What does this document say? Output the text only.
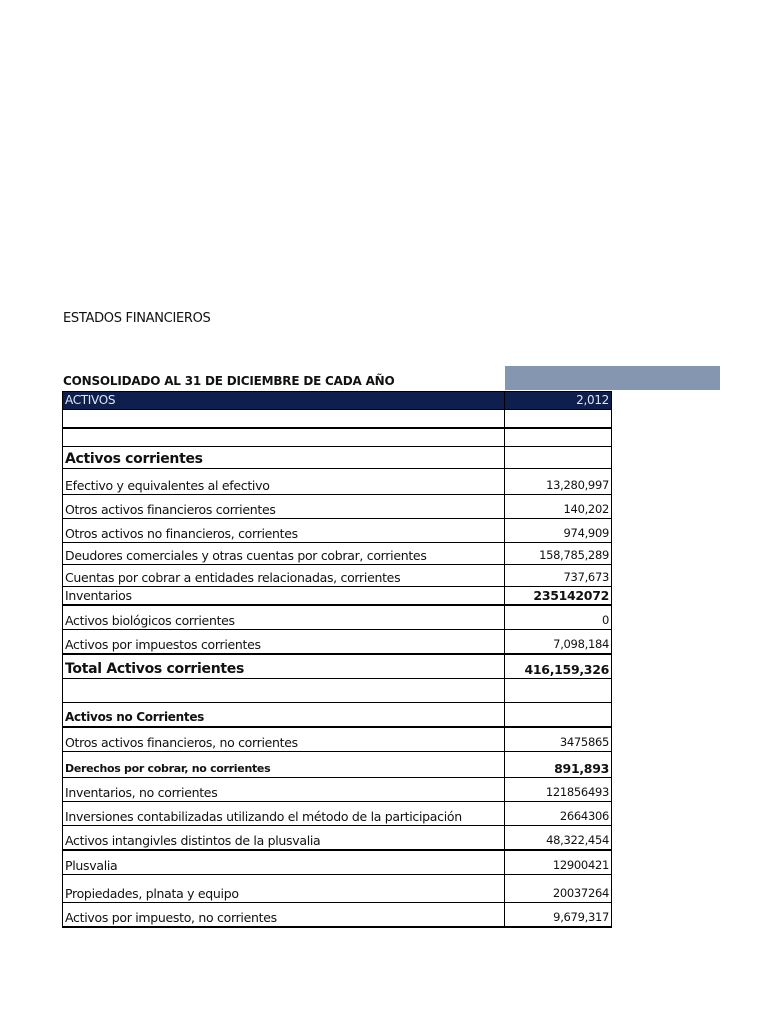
ESTADOS FINANCIEROS
CONSOLIDADO AL 31 DE DICIEMBRE DE CADA AÑO
ACTIVOS	2,012

Activos corrientes	
Efectivo y equivalentes al efectivo	13,280,997
Otros activos financieros corrientes	140,202
Otros activos no financieros, corrientes	974,909
Deudores comerciales y otras cuentas por cobrar, corrientes	158,785,289
Cuentas por cobrar a entidades relacionadas, corrientes	737,673
Inventarios	235142072
Activos biológicos corrientes	0
Activos por impuestos corrientes	7,098,184
Total Activos corrientes	416,159,326

Activos no Corrientes	
Otros activos financieros, no corrientes	3475865
Derechos por cobrar, no corrientes	891,893
Inventarios, no corrientes	121856493
Inversiones contabilizadas utilizando el método de la participación	2664306
Activos intangivles distintos de la plusvalia	48,322,454
Plusvalia	12900421
Propiedades, plnata y equipo	20037264
Activos por impuesto, no corrientes	9,679,317
